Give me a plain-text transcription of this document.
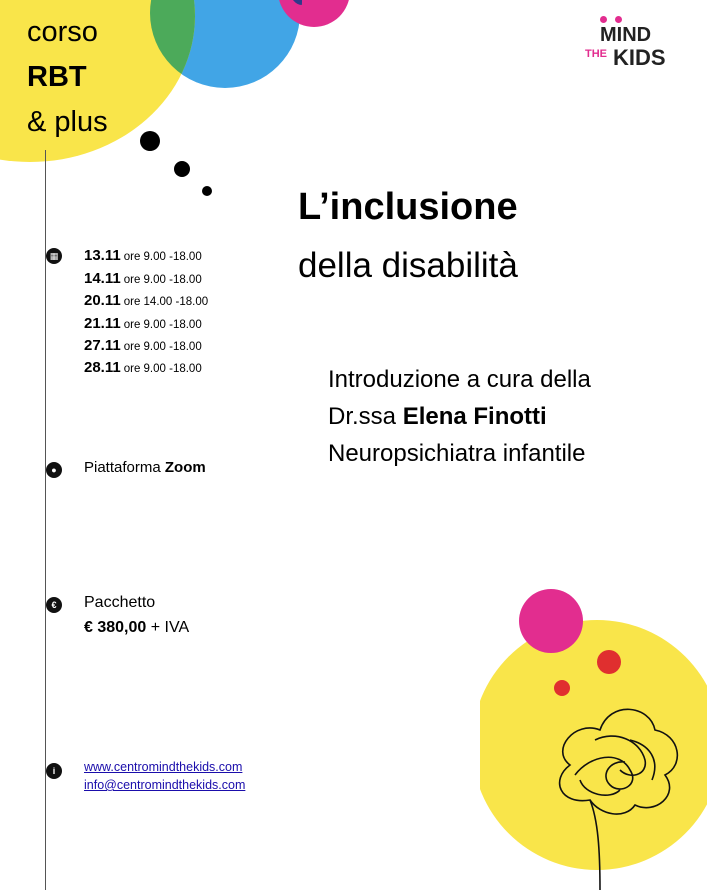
corso
RBT
& plus
MIND
THE KIDS
▦
●
€
i
L’inclusione
della disabilità
13.11 ore 9.00 -18.00
14.11 ore 9.00 -18.00
20.11 ore 14.00 -18.00
21.11 ore 9.00 -18.00
27.11 ore 9.00 -18.00
28.11 ore 9.00 -18.00	Introduzione a cura della
Dr.ssa Elena Finotti
Neuropsichiatra infantile
Piattaforma Zoom
Pacchetto
€ 380,00 + IVA
www.centromindthekids.com
info@centromindthekids.com
